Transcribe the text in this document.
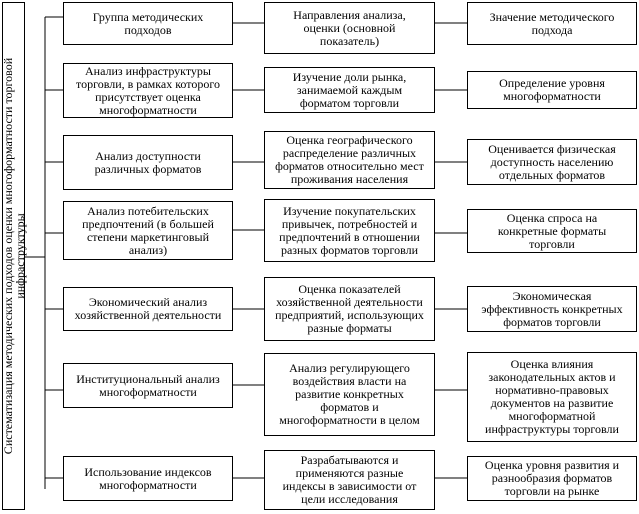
Систематизация методических подходов оценки многоформатности торговой
инфраструктуры
Группа методических
подходов
Направления анализа,
оценки (основной
показатель)
Значение методического
подхода
Анализ инфраструктуры
торговли, в рамках которого
присутствует оценка
многоформатности
Изучение доли рынка,
занимаемой каждым
форматом торговли
Определение уровня
многоформатности
Анализ доступности
различных форматов
Оценка географического
распределение различных
форматов относительно мест
проживания населения
Оценивается физическая
доступность населению
отдельных форматов
Анализ потебительских
предпочтений (в большей
степени маркетинговый
анализ)
Изучение покупательских
привычек, потребностей и
предпочтений в отношении
разных форматов торговли
Оценка спроса на
конкретные форматы
торговли
Экономический анализ
хозяйственной деятельности
Оценка показателей
хозяйственной деятельности
предприятий, использующих
разные форматы
Экономическая
эффективность конкретных
форматов торговли
Институциональный анализ
многоформатности
Анализ регулирующего
воздействия власти на
развитие конкретных
форматов и
многоформатности в целом
Оценка влияния
законодательных актов и
нормативно-правовых
документов на развитие
многоформатной
инфраструктуры торговли
Использование индексов
многоформатности
Разрабатываются и
применяются разные
индексы в зависимости от
цели исследования
Оценка уровня развития и
разнообразия форматов
торговли на рынке
